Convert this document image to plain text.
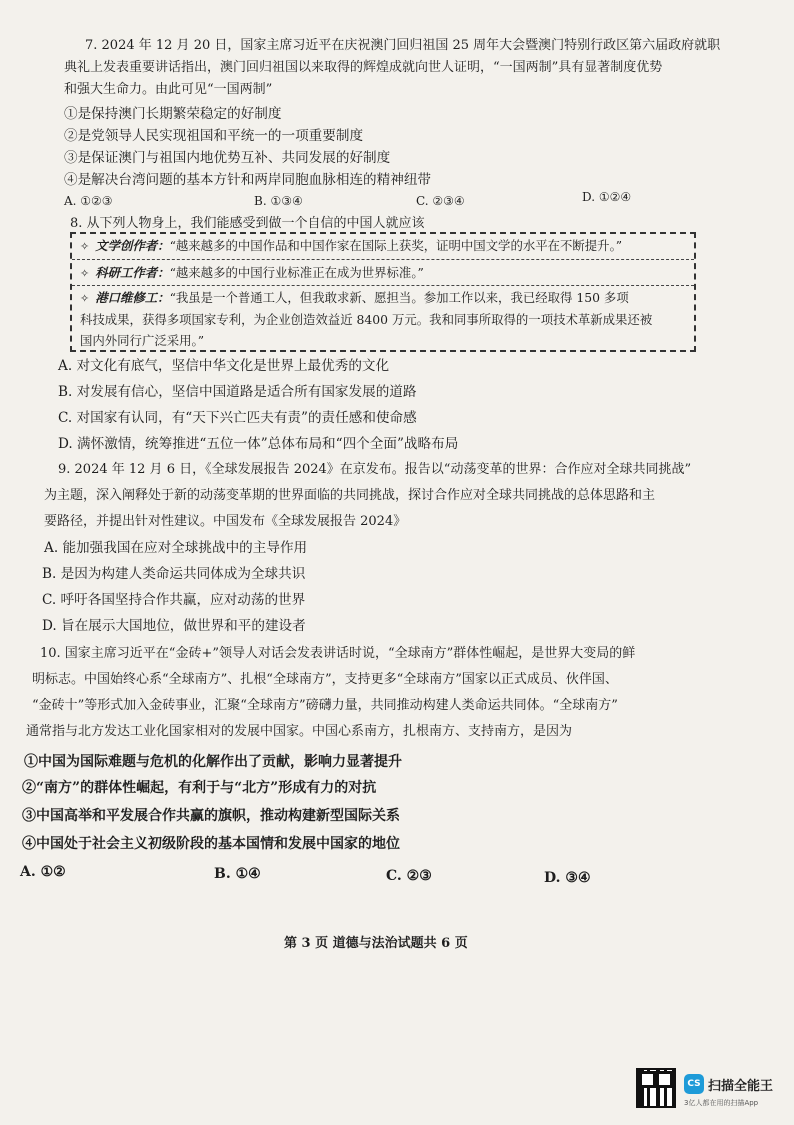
7. 2024 年 12 月 20 日，国家主席习近平在庆祝澳门回归祖国 25 周年大会暨澳门特别行政区第六届政府就职
典礼上发表重要讲话指出，澳门回归祖国以来取得的辉煌成就向世人证明，“一国两制”具有显著制度优势
和强大生命力。由此可见“一国两制”
①是保持澳门长期繁荣稳定的好制度
②是党领导人民实现祖国和平统一的一项重要制度
③是保证澳门与祖国内地优势互补、共同发展的好制度
④是解决台湾问题的基本方针和两岸同胞血脉相连的精神纽带
A. ①②③	B. ①③④	C. ②③④	D. ①②④
8. 从下列人物身上，我们能感受到做一个自信的中国人就应该
✧ 文学创作者：“越来越多的中国作品和中国作家在国际上获奖，证明中国文学的水平在不断提升。”
✧ 科研工作者：“越来越多的中国行业标准正在成为世界标准。”
✧ 港口维修工：“我虽是一个普通工人，但我敢求新、愿担当。参加工作以来，我已经取得 150 多项
科技成果，获得多项国家专利，为企业创造效益近 8400 万元。我和同事所取得的一项技术革新成果还被
国内外同行广泛采用。”
A. 对文化有底气，坚信中华文化是世界上最优秀的文化
B. 对发展有信心，坚信中国道路是适合所有国家发展的道路
C. 对国家有认同，有“天下兴亡匹夫有责”的责任感和使命感
D. 满怀激情，统筹推进“五位一体”总体布局和“四个全面”战略布局
9. 2024 年 12 月 6 日，《全球发展报告 2024》在京发布。报告以“动荡变革的世界：合作应对全球共同挑战”
为主题，深入阐释处于新的动荡变革期的世界面临的共同挑战，探讨合作应对全球共同挑战的总体思路和主
要路径，并提出针对性建议。中国发布《全球发展报告 2024》
A. 能加强我国在应对全球挑战中的主导作用
B. 是因为构建人类命运共同体成为全球共识
C. 呼吁各国坚持合作共赢，应对动荡的世界
D. 旨在展示大国地位，做世界和平的建设者
10. 国家主席习近平在“金砖+”领导人对话会发表讲话时说，“全球南方”群体性崛起，是世界大变局的鲜
明标志。中国始终心系“全球南方”、扎根“全球南方”，支持更多“全球南方”国家以正式成员、伙伴国、
“金砖十”等形式加入金砖事业，汇聚“全球南方”磅礴力量，共同推动构建人类命运共同体。“全球南方”
通常指与北方发达工业化国家相对的发展中国家。中国心系南方，扎根南方、支持南方，是因为
①中国为国际难题与危机的化解作出了贡献，影响力显著提升
②“南方”的群体性崛起，有利于与“北方”形成有力的对抗
③中国高举和平发展合作共赢的旗帜，推动构建新型国际关系
④中国处于社会主义初级阶段的基本国情和发展中国家的地位
A. ①②	B. ①④	C. ②③	D. ③④
第 3 页 道德与法治试题共 6 页
CS 扫描全能王
3亿人都在用的扫描App
